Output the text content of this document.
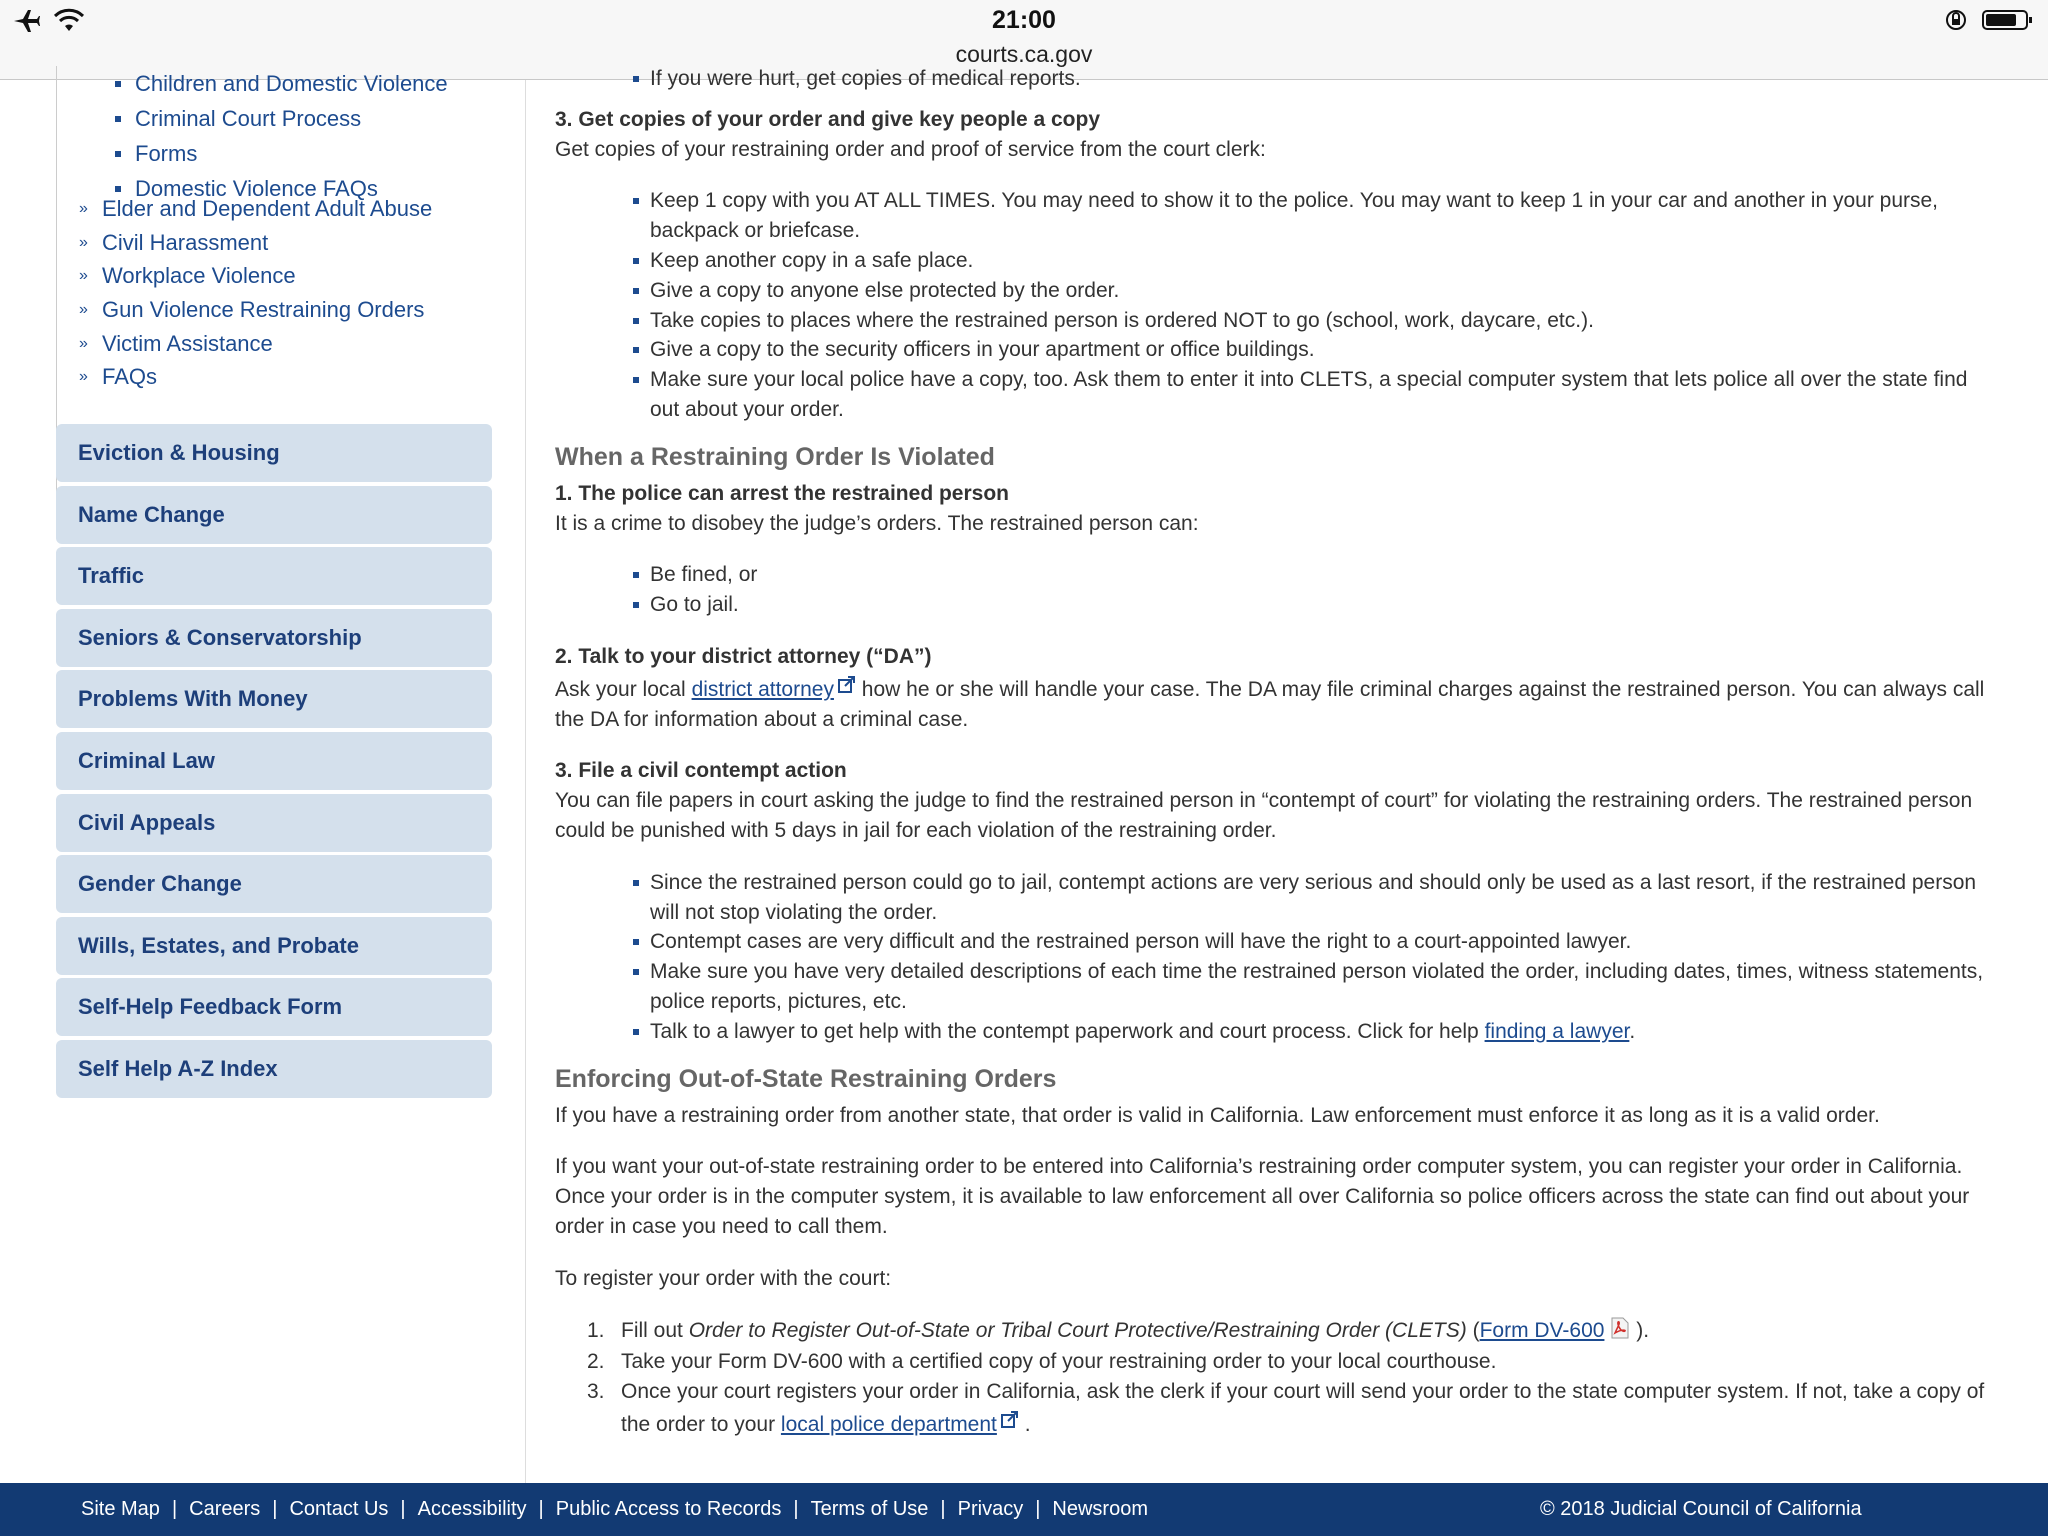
21:00
courts.ca.gov
Children and Domestic Violence
Criminal Court Process
Forms
Domestic Violence FAQs
» Elder and Dependent Adult Abuse
» Civil Harassment
» Workplace Violence
» Gun Violence Restraining Orders
» Victim Assistance
» FAQs
Eviction & Housing
Name Change
Traffic
Seniors & Conservatorship
Problems With Money
Criminal Law
Civil Appeals
Gender Change
Wills, Estates, and Probate
Self-Help Feedback Form
Self Help A-Z Index
If you were hurt, get copies of medical reports.

3. Get copies of your order and give key people a copy

Get copies of your restraining order and proof of service from the court clerk:

Keep 1 copy with you AT ALL TIMES. You may need to show it to the police. You may want to keep 1 in your car and another in your purse, backpack or briefcase.
Keep another copy in a safe place.
Give a copy to anyone else protected by the order.
Take copies to places where the restrained person is ordered NOT to go (school, work, daycare, etc.).
Give a copy to the security officers in your apartment or office buildings.
Make sure your local police have a copy, too. Ask them to enter it into CLETS, a special computer system that lets police all over the state find out about your order.
When a Restraining Order Is Violated

1. The police can arrest the restrained person

It is a crime to disobey the judge’s orders. The restrained person can:

Be fined, or
Go to jail.

2. Talk to your district attorney (“DA”)

Ask your local district attorney how he or she will handle your case. The DA may file criminal charges against the restrained person. You can always call the DA for information about a criminal case.

3. File a civil contempt action

You can file papers in court asking the judge to find the restrained person in “contempt of court” for violating the restraining orders. The restrained person could be punished with 5 days in jail for each violation of the restraining order.

Since the restrained person could go to jail, contempt actions are very serious and should only be used as a last resort, if the restrained person will not stop violating the order.
Contempt cases are very difficult and the restrained person will have the right to a court-appointed lawyer.
Make sure you have very detailed descriptions of each time the restrained person violated the order, including dates, times, witness statements, police reports, pictures, etc.
Talk to a lawyer to get help with the contempt paperwork and court process. Click for help finding a lawyer.
Enforcing Out-of-State Restraining Orders

If you have a restraining order from another state, that order is valid in California. Law enforcement must enforce it as long as it is a valid order.

If you want your out-of-state restraining order to be entered into California’s restraining order computer system, you can register your order in California. Once your order is in the computer system, it is available to law enforcement all over California so police officers across the state can find out about your order in case you need to call them.

To register your order with the court:

1. Fill out Order to Register Out-of-State or Tribal Court Protective/Restraining Order (CLETS) (Form DV-600 ).
2. Take your Form DV-600 with a certified copy of your restraining order to your local courthouse.
3. Once your court registers your order in California, ask the clerk if your court will send your order to the state computer system. If not, take a copy of the order to your local police department .
Site Map | Careers | Contact Us | Accessibility | Public Access to Records | Terms of Use | Privacy | Newsroom	© 2018 Judicial Council of California
